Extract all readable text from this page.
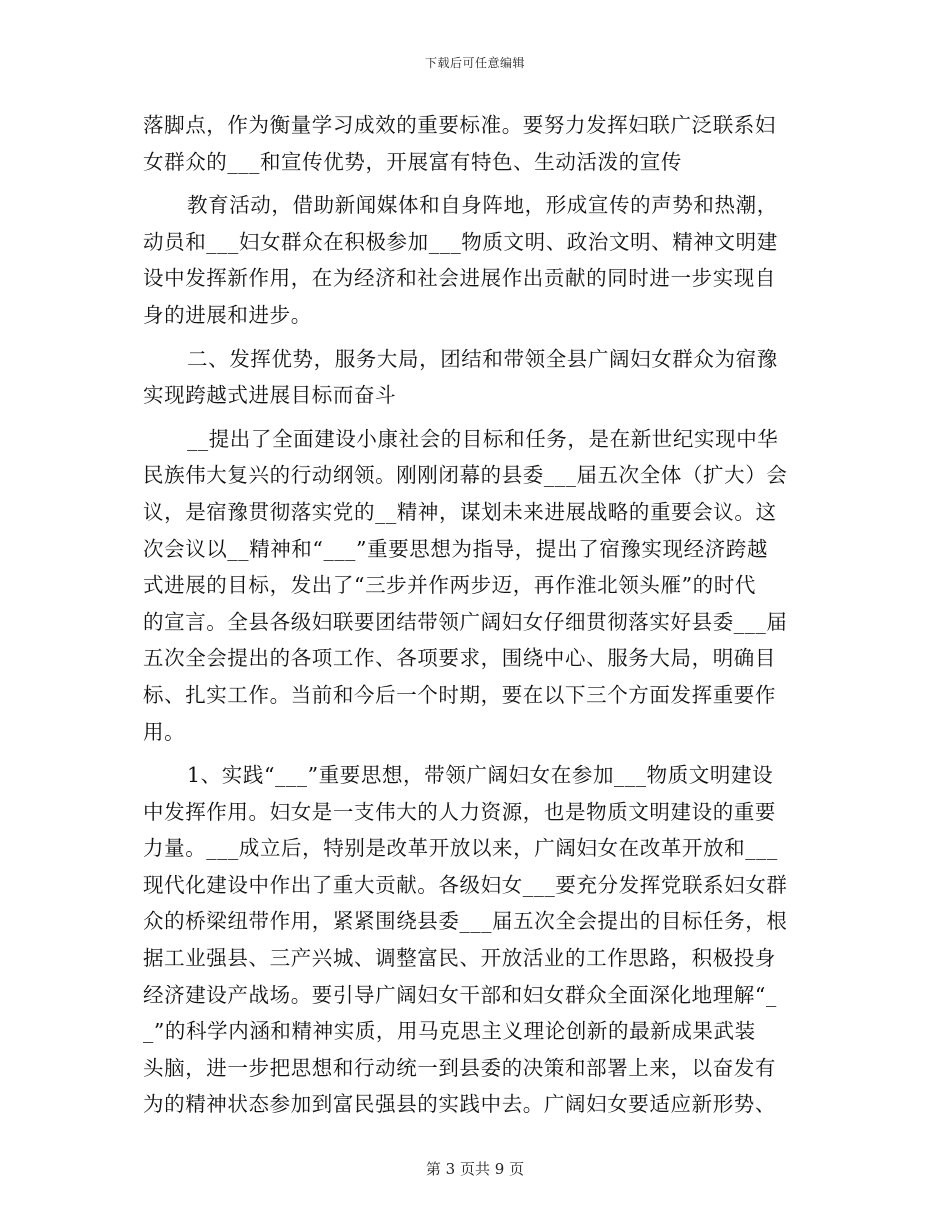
下载后可任意编辑
落脚点，作为衡量学习成效的重要标准。要努力发挥妇联广泛联系妇
女群众的___和宣传优势，开展富有特色、生动活泼的宣传
教育活动，借助新闻媒体和自身阵地，形成宣传的声势和热潮，
动员和___妇女群众在积极参加___物质文明、政治文明、精神文明建
设中发挥新作用，在为经济和社会进展作出贡献的同时进一步实现自
身的进展和进步。
二、发挥优势，服务大局，团结和带领全县广阔妇女群众为宿豫
实现跨越式进展目标而奋斗
__提出了全面建设小康社会的目标和任务，是在新世纪实现中华
民族伟大复兴的行动纲领。刚刚闭幕的县委___届五次全体（扩大）会
议，是宿豫贯彻落实党的__精神，谋划未来进展战略的重要会议。这
次会议以__精神和“___”重要思想为指导，提出了宿豫实现经济跨越
式进展的目标，发出了“三步并作两步迈，再作淮北领头雁”的时代
的宣言。全县各级妇联要团结带领广阔妇女仔细贯彻落实好县委___届
五次全会提出的各项工作、各项要求，围绕中心、服务大局，明确目
标、扎实工作。当前和今后一个时期，要在以下三个方面发挥重要作
用。
1、实践“___”重要思想，带领广阔妇女在参加___物质文明建设
中发挥作用。妇女是一支伟大的人力资源，也是物质文明建设的重要
力量。___成立后，特别是改革开放以来，广阔妇女在改革开放和___
现代化建设中作出了重大贡献。各级妇女___要充分发挥党联系妇女群
众的桥梁纽带作用，紧紧围绕县委___届五次全会提出的目标任务，根
据工业强县、三产兴城、调整富民、开放活业的工作思路，积极投身
经济建设产战场。要引导广阔妇女干部和妇女群众全面深化地理解“_
_”的科学内涵和精神实质，用马克思主义理论创新的最新成果武装
头脑，进一步把思想和行动统一到县委的决策和部署上来，以奋发有
为的精神状态参加到富民强县的实践中去。广阔妇女要适应新形势、
第 3 页共 9 页
